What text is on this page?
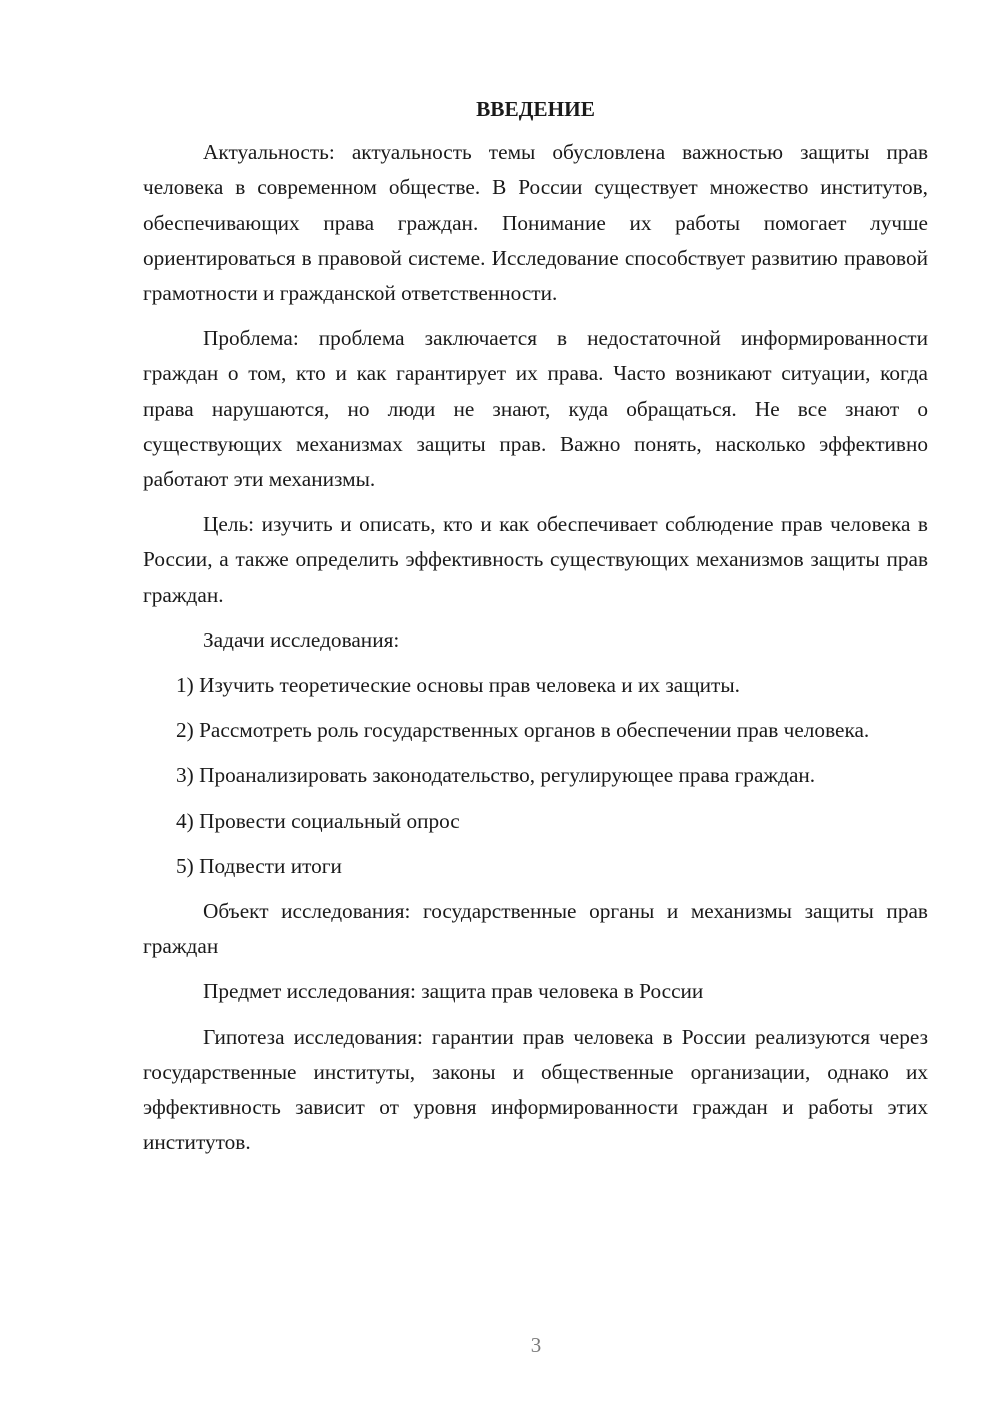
ВВЕДЕНИЕ

Актуальность: актуальность темы обусловлена важностью защиты прав человека в современном обществе. В России существует множество институтов, обеспечивающих права граждан. Понимание их работы помогает лучше ориентироваться в правовой системе. Исследование способствует развитию правовой грамотности и гражданской ответственности.

Проблема: проблема заключается в недостаточной информированности граждан о том, кто и как гарантирует их права. Часто возникают ситуации, когда права нарушаются, но люди не знают, куда обращаться. Не все знают о существующих механизмах защиты прав. Важно понять, насколько эффективно работают эти механизмы.

Цель: изучить и описать, кто и как обеспечивает соблюдение прав человека в России, а также определить эффективность существующих механизмов защиты прав граждан.

Задачи исследования:

1) Изучить теоретические основы прав человека и их защиты.

2) Рассмотреть роль государственных органов в обеспечении прав человека.

3) Проанализировать законодательство, регулирующее права граждан.

4) Провести социальный опрос

5) Подвести итоги

Объект исследования: государственные органы и механизмы защиты прав граждан

Предмет исследования: защита прав человека в России

Гипотеза исследования: гарантии прав человека в России реализуются через государственные институты, законы и общественные организации, однако их эффективность зависит от уровня информированности граждан и работы этих институтов.

3
